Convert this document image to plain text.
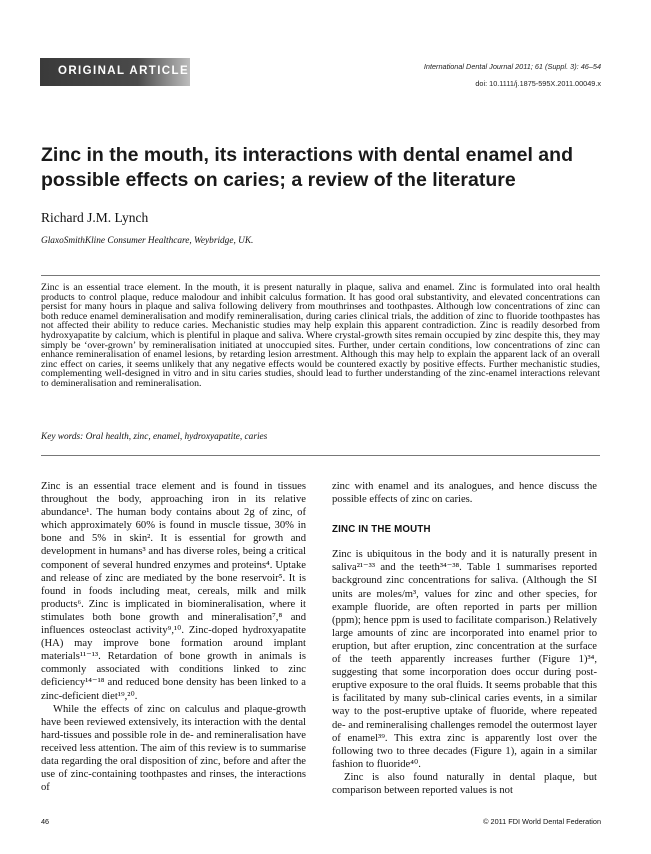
ORIGINAL ARTICLE	International Dental Journal 2011; 61 (Suppl. 3): 46–54
doi: 10.1111/j.1875-595X.2011.00049.x
Zinc in the mouth, its interactions with dental enamel and possible effects on caries; a review of the literature
Richard J.M. Lynch
GlaxoSmithKline Consumer Healthcare, Weybridge, UK.

Zinc is an essential trace element. In the mouth, it is present naturally in plaque, saliva and enamel. Zinc is formulated into oral health products to control plaque, reduce malodour and inhibit calculus formation. It has good oral substantivity, and elevated concentrations can persist for many hours in plaque and saliva following delivery from mouthrinses and toothpastes. Although low concentrations of zinc can both reduce enamel demineralisation and modify remineralisation, during caries clinical trials, the addition of zinc to fluoride toothpastes has not affected their ability to reduce caries. Mechanistic studies may help explain this apparent contradiction. Zinc is readily desorbed from hydroxyapatite by calcium, which is plentiful in plaque and saliva. Where crystal-growth sites remain occupied by zinc despite this, they may simply be ‘over-grown’ by remineralisation initiated at unoccupied sites. Further, under certain conditions, low concentrations of zinc can enhance remineralisation of enamel lesions, by retarding lesion arrestment. Although this may help to explain the apparent lack of an overall zinc effect on caries, it seems unlikely that any negative effects would be countered exactly by positive effects. Further mechanistic studies, complementing well-designed in vitro and in situ caries studies, should lead to further understanding of the zinc-enamel interactions relevant to demineralisation and remineralisation.

Key words: Oral health, zinc, enamel, hydroxyapatite, caries

Zinc is an essential trace element and is found in tissues throughout the body, approaching iron in its relative abundance¹. The human body contains about 2g of zinc, of which approximately 60% is found in muscle tissue, 30% in bone and 5% in skin². It is essential for growth and development in humans³ and has diverse roles, being a critical component of several hundred enzymes and proteins⁴. Uptake and release of zinc are mediated by the bone reservoir⁵. It is found in foods including meat, cereals, milk and milk products⁶. Zinc is implicated in biomineralisation, where it stimulates both bone growth and mineralisation⁷,⁸ and influences osteoclast activity⁹,¹⁰. Zinc-doped hydroxyapatite (HA) may improve bone formation around implant materials¹¹⁻¹³. Retardation of bone growth in animals is commonly associated with conditions linked to zinc deficiency¹⁴⁻¹⁸ and reduced bone density has been linked to a zinc-deficient diet¹⁹,²⁰.

While the effects of zinc on calculus and plaque-growth have been reviewed extensively, its interaction with the dental hard-tissues and possible role in de- and remineralisation have received less attention. The aim of this review is to summarise data regarding the oral disposition of zinc, before and after the use of zinc-containing toothpastes and rinses, the interactions of

zinc with enamel and its analogues, and hence discuss the possible effects of zinc on caries.

ZINC IN THE MOUTH

Zinc is ubiquitous in the body and it is naturally present in saliva²¹⁻³³ and the teeth³⁴⁻³⁸. Table 1 summarises reported background zinc concentrations for saliva. (Although the SI units are moles/m³, values for zinc and other species, for example fluoride, are often reported in parts per million (ppm); hence ppm is used to facilitate comparison.) Relatively large amounts of zinc are incorporated into enamel prior to eruption, but after eruption, zinc concentration at the surface of the teeth apparently increases further (Figure 1)³⁴, suggesting that some incorporation does occur during post-eruptive exposure to the oral fluids. It seems probable that this is facilitated by many sub-clinical caries events, in a similar way to the post-eruptive uptake of fluoride, where repeated de- and remineralising challenges remodel the outermost layer of enamel³⁹. This extra zinc is apparently lost over the following two to three decades (Figure 1), again in a similar fashion to fluoride⁴⁰.

Zinc is also found naturally in dental plaque, but comparison between reported values is not

46	© 2011 FDI World Dental Federation
